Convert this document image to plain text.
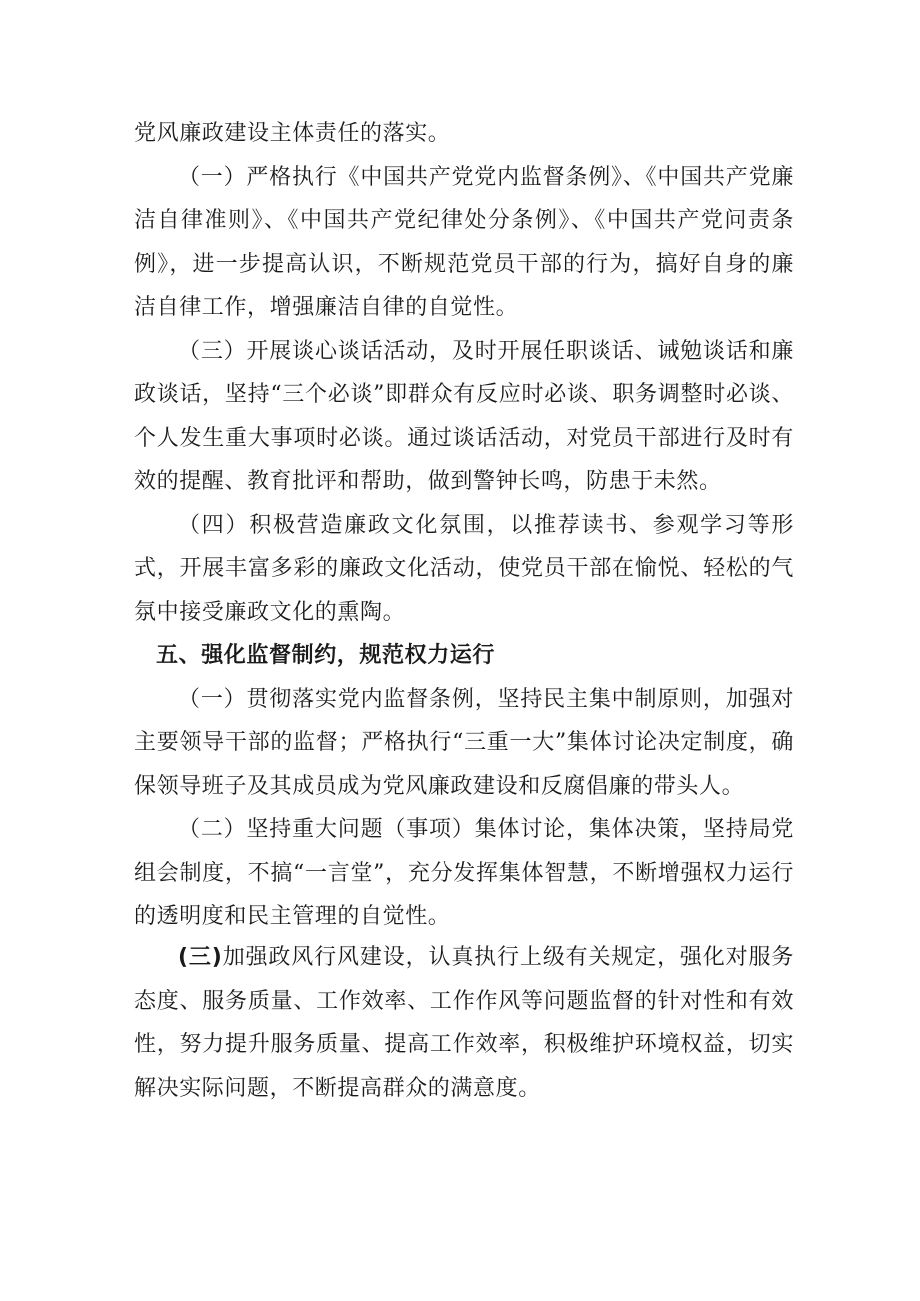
党风廉政建设主体责任的落实。

（一）严格执行《中国共产党党内监督条例》、《中国共产党廉洁自律准则》、《中国共产党纪律处分条例》、《中国共产党问责条例》，进一步提高认识，不断规范党员干部的行为，搞好自身的廉洁自律工作，增强廉洁自律的自觉性。

（三）开展谈心谈话活动，及时开展任职谈话、诫勉谈话和廉政谈话，坚持“三个必谈”即群众有反应时必谈、职务调整时必谈、个人发生重大事项时必谈。通过谈话活动，对党员干部进行及时有效的提醒、教育批评和帮助，做到警钟长鸣，防患于未然。

（四）积极营造廉政文化氛围，以推荐读书、参观学习等形式，开展丰富多彩的廉政文化活动，使党员干部在愉悦、轻松的气氛中接受廉政文化的熏陶。

五、强化监督制约，规范权力运行

（一）贯彻落实党内监督条例，坚持民主集中制原则，加强对主要领导干部的监督；严格执行“三重一大”集体讨论决定制度，确保领导班子及其成员成为党风廉政建设和反腐倡廉的带头人。

（二）坚持重大问题（事项）集体讨论，集体决策，坚持局党组会制度，不搞“一言堂”，充分发挥集体智慧，不断增强权力运行的透明度和民主管理的自觉性。

(三)加强政风行风建设，认真执行上级有关规定，强化对服务态度、服务质量、工作效率、工作作风等问题监督的针对性和有效性，努力提升服务质量、提高工作效率，积极维护环境权益，切实解决实际问题，不断提高群众的满意度。
